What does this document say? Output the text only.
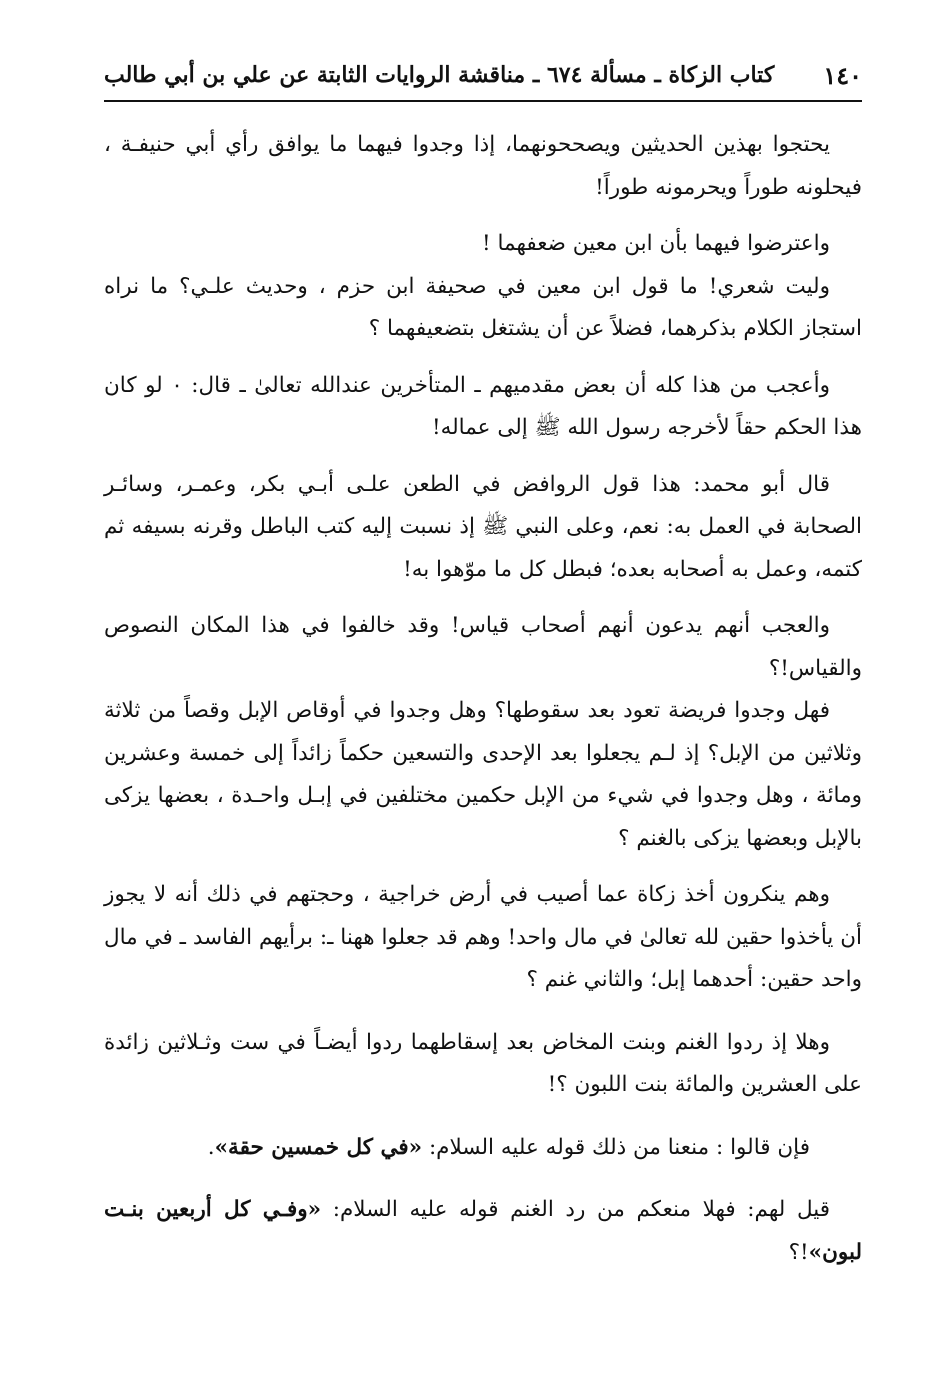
١٤٠
كتاب الزكاة ـ مسألة ٦٧٤ ـ مناقشة الروايات الثابتة عن علي بن أبي طالب

يحتجوا بهذين الحديثين ويصححونهما، إذا وجدوا فيهما ما يوافق رأي أبي حنيفـة ، فيحلونه طوراً ويحرمونه طوراً!

واعترضوا فيهما بأن ابن معين ضعفهما !

وليت شعري! ما قول ابن معين في صحيفة ابن حزم ، وحديث علـي؟ ما نراه استجاز الكلام بذكرهما، فضلاً عن أن يشتغل بتضعيفهما ؟

وأعجب من هذا كله أن بعض مقدميهم ـ المتأخرين عندالله تعالىٰ ـ قال: ٠ لو كان هذا الحكم حقاً لأخرجه رسول الله ﷺ إلى عماله!

قال أبو محمد: هذا قول الروافض في الطعن علـى أبـي بكر، وعمـر، وسائـر الصحابة في العمل به: نعم، وعلى النبي ﷺ إذ نسبت إليه كتب الباطل وقرنه بسيفه ثم كتمه، وعمل به أصحابه بعده؛ فبطل كل ما موّهوا به!

والعجب أنهم يدعون أنهم أصحاب قياس! وقد خالفوا في هذا المكان النصوص والقياس!؟

فهل وجدوا فريضة تعود بعد سقوطها؟ وهل وجدوا في أوقاص الإبل وقصاً من ثلاثة وثلاثين من الإبل؟ إذ لـم يجعلوا بعد الإحدى والتسعين حكماً زائداً إلى خمسة وعشرين ومائة ، وهل وجدوا في شيء من الإبل حكمين مختلفين في إبـل واحـدة ، بعضها يزكى بالإبل وبعضها يزكى بالغنم ؟

وهم ينكرون أخذ زكاة عما أصيب في أرض خراجية ، وحجتهم في ذلك أنه لا يجوز أن يأخذوا حقين لله تعالىٰ في مال واحد! وهم قد جعلوا ههنا ـ: برأيهم الفاسد ـ في مال واحد حقين: أحدهما إبل؛ والثاني غنم ؟

وهلا إذ ردوا الغنم وبنت المخاض بعد إسقاطهما ردوا أيضـاً في ست وثـلاثين زائدة على العشرين والمائة بنت اللبون ؟!

فإن قالوا : منعنا من ذلك قوله عليه السلام: «في كل خمسين حقة».

قيل لهم: فهلا منعكم من رد الغنم قوله عليه السلام: «وفـي كل أربعين بنـت لبون»!؟
